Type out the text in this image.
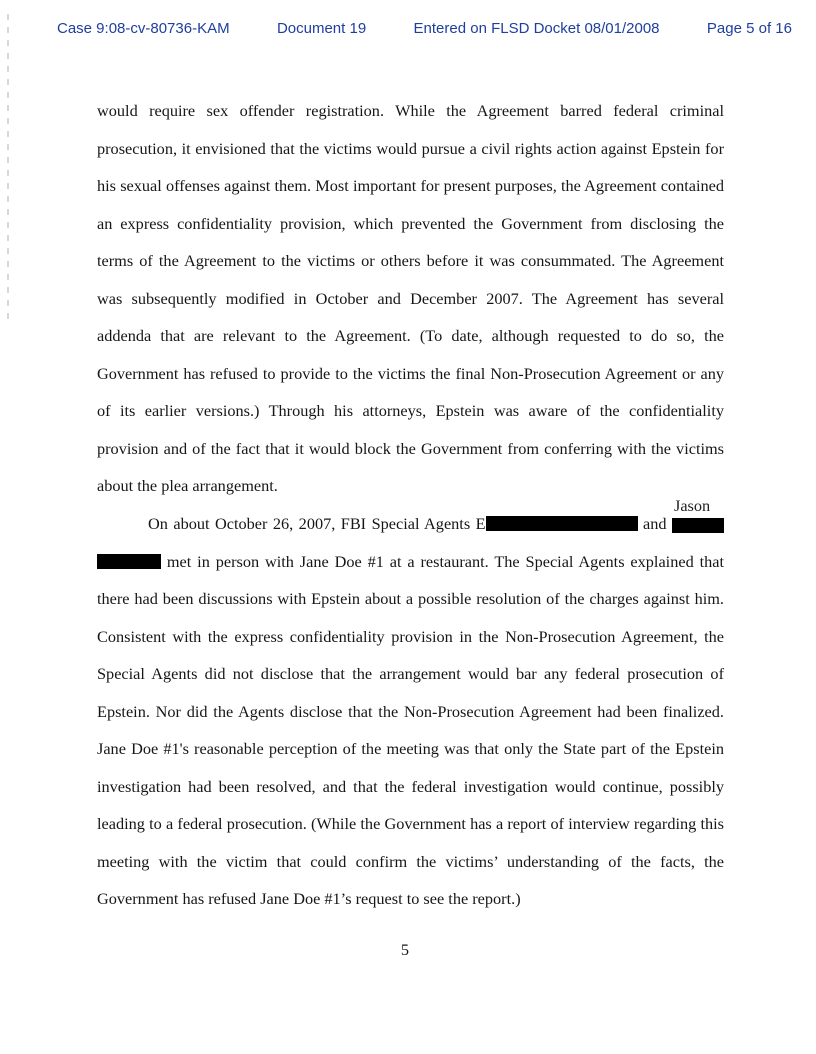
Case 9:08-cv-80736-KAM	Document 19	Entered on FLSD Docket 08/01/2008	Page 5 of 16

would require sex offender registration. While the Agreement barred federal criminal prosecution, it envisioned that the victims would pursue a civil rights action against Epstein for his sexual offenses against them. Most important for present purposes, the Agreement contained an express confidentiality provision, which prevented the Government from disclosing the terms of the Agreement to the victims or others before it was consummated. The Agreement was subsequently modified in October and December 2007. The Agreement has several addenda that are relevant to the Agreement. (To date, although requested to do so, the Government has refused to provide to the victims the final Non-Prosecution Agreement or any of its earlier versions.) Through his attorneys, Epstein was aware of the confidentiality provision and of the fact that it would block the Government from conferring with the victims about the plea arrangement.

On about October 26, 2007, FBI Special Agents E	and
Jason
met in person with Jane Doe #1 at a restaurant. The Special Agents explained that there had been discussions with Epstein about a possible resolution of the charges against him. Consistent with the express confidentiality provision in the Non-Prosecution Agreement, the Special Agents did not disclose that the arrangement would bar any federal prosecution of Epstein. Nor did the Agents disclose that the Non-Prosecution Agreement had been finalized. Jane Doe #1's reasonable perception of the meeting was that only the State part of the Epstein investigation had been resolved, and that the federal investigation would continue, possibly leading to a federal prosecution. (While the Government has a report of interview regarding this meeting with the victim that could confirm the victims’ understanding of the facts, the Government has refused Jane Doe #1’s request to see the report.)

5
